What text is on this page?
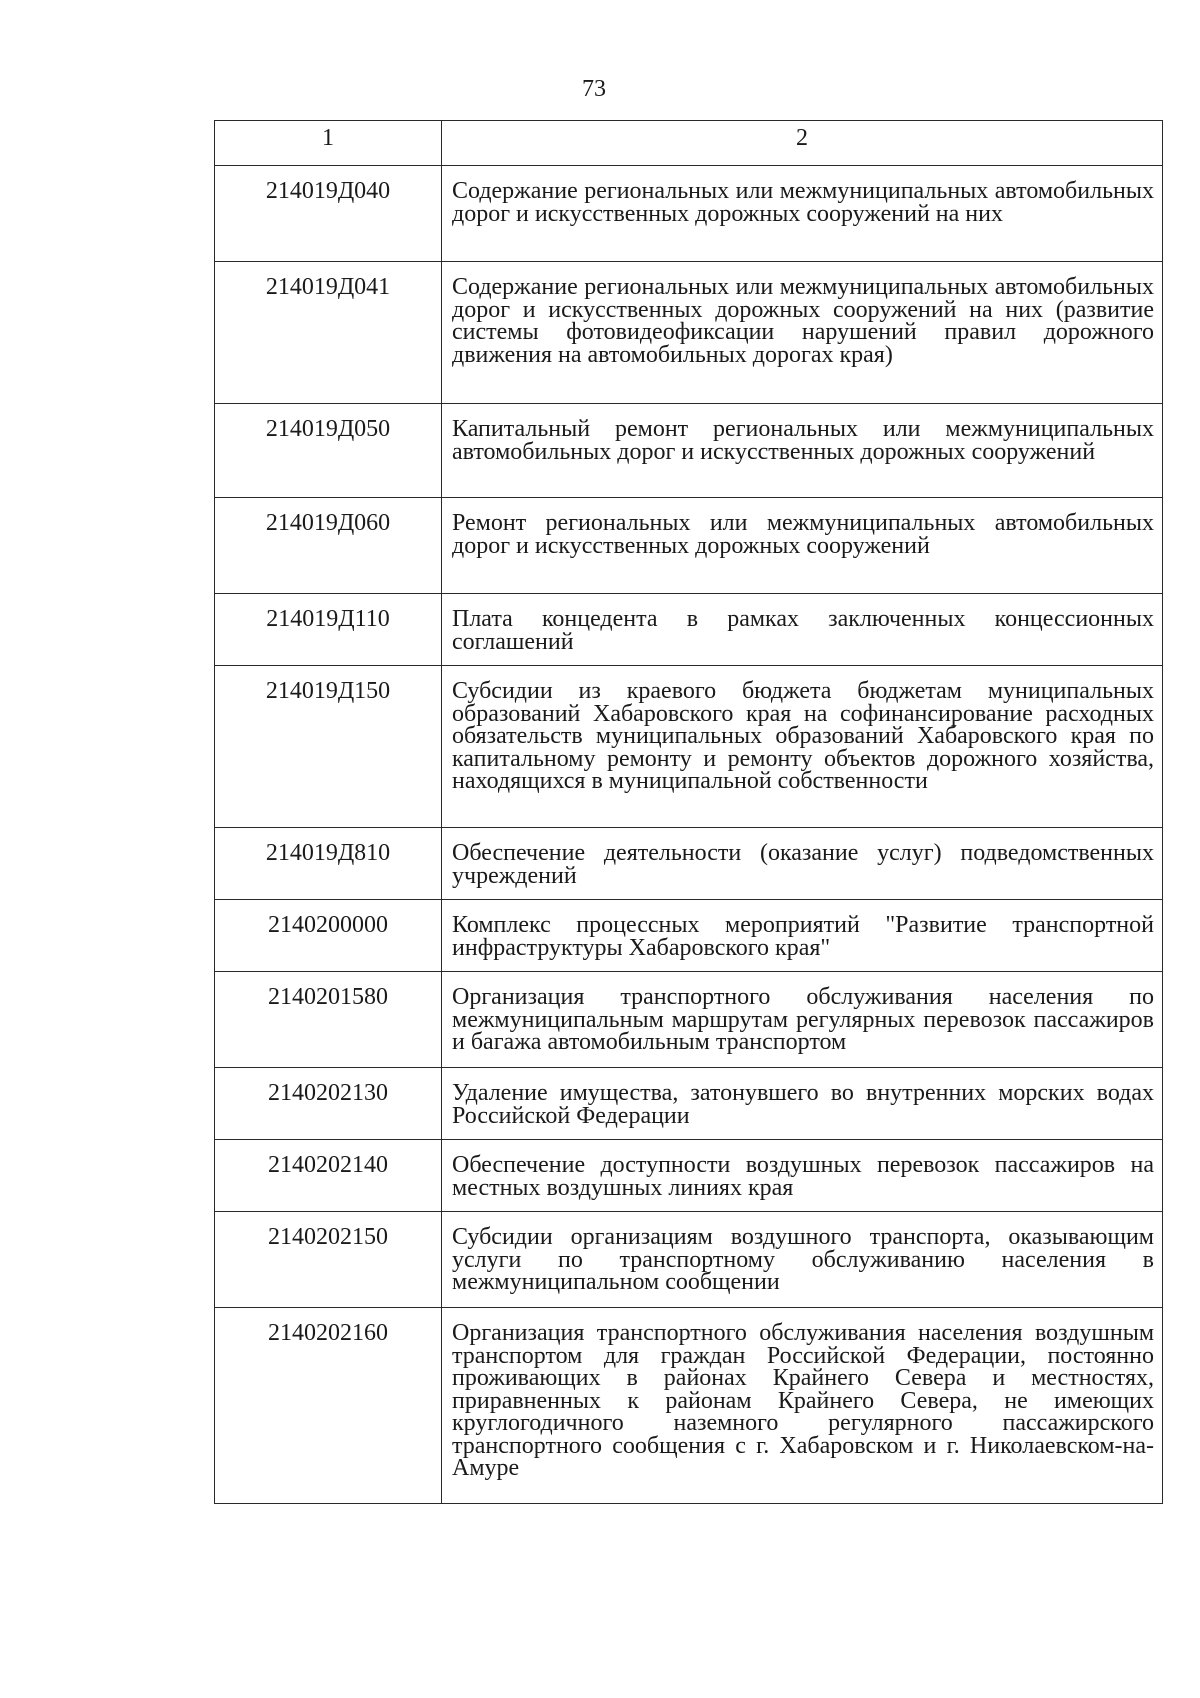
73
1	2
214019Д040	Содержание региональных или межмуниципальных автомобильных дорог и искусственных дорожных сооружений на них
214019Д041	Содержание региональных или межмуниципальных автомобильных дорог и искусственных дорожных сооружений на них (развитие системы фотовидеофиксации нарушений правил дорожного движения на автомобильных дорогах края)
214019Д050	Капитальный ремонт региональных или межмуниципальных автомобильных дорог и искусственных дорожных сооружений
214019Д060	Ремонт региональных или межмуниципальных автомобильных дорог и искусственных дорожных сооружений
214019Д110	Плата концедента в рамках заключенных концессионных соглашений
214019Д150	Субсидии из краевого бюджета бюджетам муниципальных образований Хабаровского края на софинансирование расходных обязательств муниципальных образований Хабаровского края по капитальному ремонту и ремонту объектов дорожного хозяйства, находящихся в муниципальной собственности
214019Д810	Обеспечение деятельности (оказание услуг) подведомственных учреждений
2140200000	Комплекс процессных мероприятий "Развитие транспортной инфраструктуры Хабаровского края"
2140201580	Организация транспортного обслуживания населения по межмуниципальным маршрутам регулярных перевозок пассажиров и багажа автомобильным транспортом
2140202130	Удаление имущества, затонувшего во внутренних морских водах Российской Федерации
2140202140	Обеспечение доступности воздушных перевозок пассажиров на местных воздушных линиях края
2140202150	Субсидии организациям воздушного транспорта, оказывающим услуги по транспортному обслуживанию населения в межмуниципальном сообщении
2140202160	Организация транспортного обслуживания населения воздушным транспортом для граждан Российской Федерации, постоянно проживающих в районах Крайнего Севера и местностях, приравненных к районам Крайнего Севера, не имеющих круглогодичного наземного регулярного пассажирского транспортного сообщения с г. Хабаровском и г. Николаевском-на-Амуре
